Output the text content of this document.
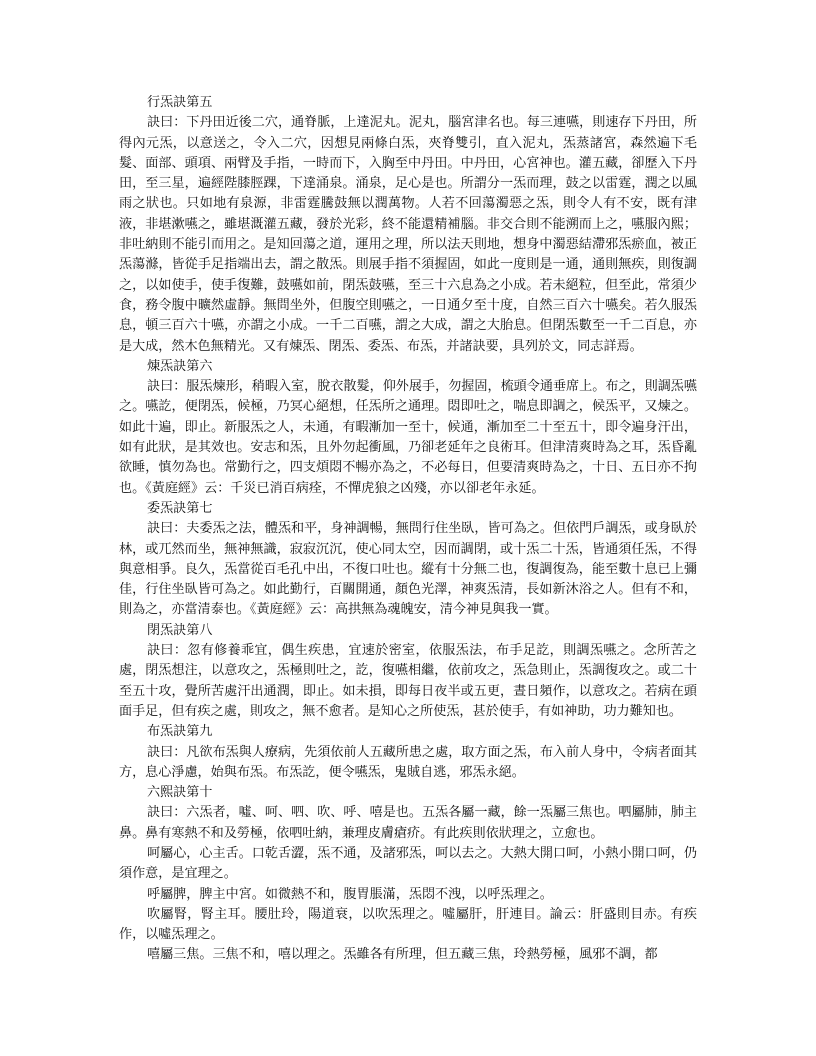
行炁訣第五

訣曰：下丹田近後二穴，通脊脈，上達泥丸。泥丸，腦宮津名也。每三連嚥，則速存下丹田，所得內元炁，以意送之，令入二穴，因想見兩條白炁，夾脊雙引，直入泥丸，炁蒸諸宮，森然遍下毛髮、面部、頭項、兩臂及手指，一時而下，入胸至中丹田。中丹田，心宮神也。灌五藏，卻歷入下丹田，至三星，遍經陛膝脛踝，下達涌泉。涌泉，足心是也。所謂分一炁而理，鼓之以雷霆，潤之以風雨之狀也。只如地有泉源，非雷霆騰鼓無以潤萬物。人若不回蕩濁惡之炁，則令人有不安，既有津液，非堪漱嚥之，雖堪溉灌五藏，發於光彩，終不能還精補腦。非交合則不能溯而上之，嚥服內熙；非吐納則不能引而用之。是知回蕩之道，運用之理，所以法天則地，想身中濁惡結滯邪炁瘀血，被正炁蕩滌，皆從手足指端出去，謂之散炁。則展手指不須握固，如此一度則是一通，通則無疾，則復調之，以如使手，使手復難，鼓嚥如前，閉炁鼓嚥，至三十六息為之小成。若未絕粒，但至此，常須少食，務令腹中曠然虛靜。無問坐外，但腹空則嚥之，一日通夕至十度，自然三百六十嚥矣。若久服炁息，頓三百六十嚥，亦謂之小成。一千二百嚥，謂之大成，謂之大胎息。但閉炁數至一千二百息，亦是大成，然木色無精光。又有煉炁、閉炁、委炁、布炁，并諸訣要，具列於文，同志詳焉。

煉炁訣第六

訣曰：服炁煉形，稍暇入室，脫衣散髮，仰外展手，勿握固，梳頭令通垂席上。布之，則調炁嚥之。嚥訖，便閉炁，候極，乃冥心絕想，任炁所之通理。悶即吐之，喘息即調之，候炁平，又煉之。如此十遍，即止。新服炁之人，未通，有暇漸加一至十，候通，漸加至二十至五十，即令遍身汗出，如有此狀，是其效也。安志和炁，且外勿起衝風，乃卻老延年之良術耳。但津清爽時為之耳，炁昏亂欲睡，慎勿為也。常勤行之，四支煩悶不暢亦為之，不必每日，但要清爽時為之，十日、五日亦不拘也。《黃庭經》云：千災已消百病痊，不憚虎狼之凶殘，亦以卻老年永延。

委炁訣第七

訣曰：夫委炁之法，體炁和平，身神調暢，無問行住坐臥，皆可為之。但依門戶調炁，或身臥於林，或兀然而坐，無神無識，寂寂沉沉，使心同太空，因而調閉，或十炁二十炁，皆通須任炁，不得與意相爭。良久，炁當從百毛孔中出，不復口吐也。縱有十分無二也，復調復為，能至數十息已上彌佳，行住坐臥皆可為之。如此勤行，百關開通，顏色光澤，神爽炁清，長如新沐浴之人。但有不和，則為之，亦當清泰也。《黃庭經》云：高拱無為魂魄安，清今神見與我一實。

閉炁訣第八

訣曰：忽有修養乖宜，偶生疾患，宜速於密室，依服炁法，布手足訖，則調炁嚥之。念所苦之處，閉炁想注，以意攻之，炁極則吐之，訖，復嚥相繼，依前攻之，炁急則止，炁調復攻之。或二十至五十攻，覺所苦處汗出通潤，即止。如未損，即每日夜半或五更，晝日頻作，以意攻之。若病在頭面手足，但有疾之處，則攻之，無不愈者。是知心之所使炁，甚於使手，有如神助，功力難知也。

布炁訣第九

訣曰：凡欲布炁與人療病，先須依前人五藏所患之處，取方面之炁，布入前人身中，令病者面其方，息心淨慮，始與布炁。布炁訖，便令嚥炁，鬼賊自逃，邪炁永絕。

六熙訣第十

訣曰：六炁者，噓、呵、呬、吹、呼、嘻是也。五炁各屬一藏，餘一炁屬三焦也。呬屬肺，肺主鼻。鼻有寒熱不和及勞極，依呬吐納，兼理皮膚瘡疥。有此疾則依狀理之，立愈也。

呵屬心，心主舌。口乾舌澀，炁不通，及諸邪炁，呵以去之。大熱大開口呵，小熱小開口呵，仍須作意，是宜理之。

呼屬脾，脾主中宮。如微熱不和，腹胃脹滿，炁悶不洩，以呼炁理之。

吹屬腎，腎主耳。腰肚玲，陽道衰，以吹炁理之。噓屬肝，肝連目。論云：肝盛則目赤。有疾作，以噓炁理之。

嘻屬三焦。三焦不和，嘻以理之。炁雖各有所理，但五藏三焦，玲熱勞極，風邪不調，都
